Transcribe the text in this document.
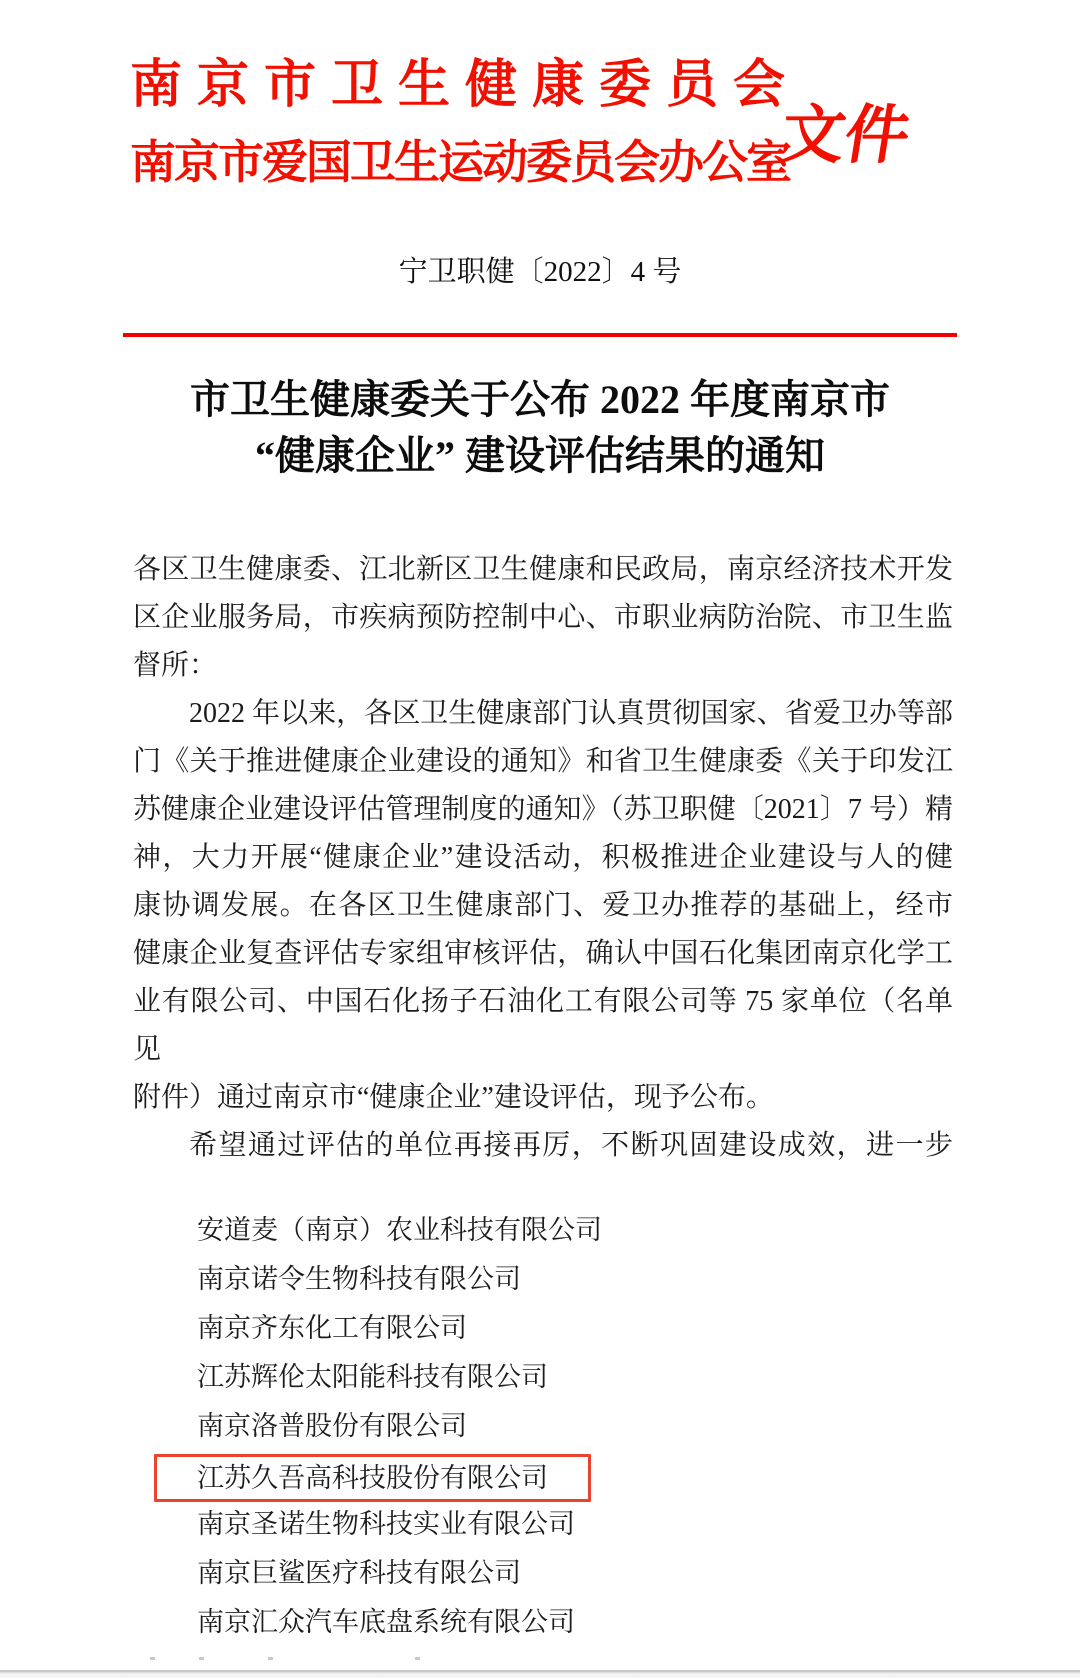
南京市卫生健康委员会
南京市爱国卫生运动委员会办公室
文件
宁卫职健〔2022〕4 号
市卫生健康委关于公布 2022 年度南京市
“健康企业” 建设评估结果的通知
各区卫生健康委、江北新区卫生健康和民政局，南京经济技术开发
区企业服务局，市疾病预防控制中心、市职业病防治院、市卫生监
督所：
2022 年以来，各区卫生健康部门认真贯彻国家、省爱卫办等部
门《关于推进健康企业建设的通知》和省卫生健康委《关于印发江
苏健康企业建设评估管理制度的通知》（苏卫职健〔2021〕7 号）精
神，大力开展“健康企业”建设活动，积极推进企业建设与人的健
康协调发展。在各区卫生健康部门、爱卫办推荐的基础上，经市
健康企业复查评估专家组审核评估，确认中国石化集团南京化学工
业有限公司、中国石化扬子石油化工有限公司等 75 家单位（名单见
附件）通过南京市“健康企业”建设评估，现予公布。
希望通过评估的单位再接再厉，不断巩固建设成效，进一步
安道麦（南京）农业科技有限公司
南京诺令生物科技有限公司
南京齐东化工有限公司
江苏辉伦太阳能科技有限公司
南京洛普股份有限公司
江苏久吾高科技股份有限公司
南京圣诺生物科技实业有限公司
南京巨鲨医疗科技有限公司
南京汇众汽车底盘系统有限公司
